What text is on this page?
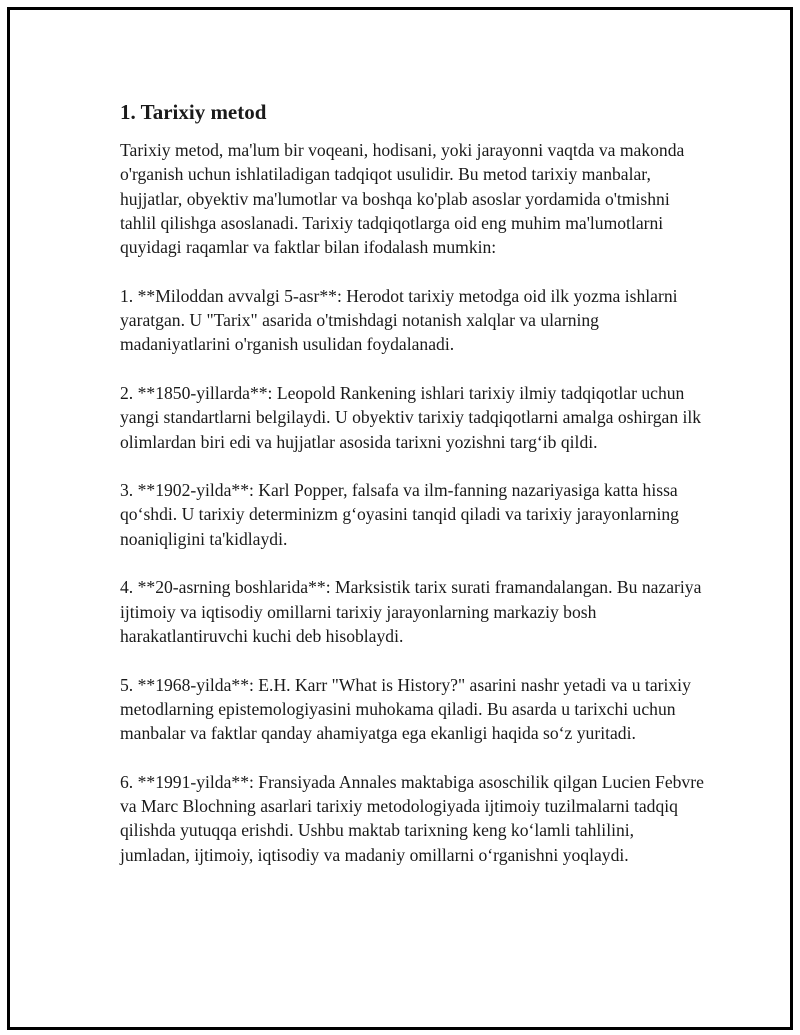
1. Tarixiy metod

Tarixiy metod, ma'lum bir voqeani, hodisani, yoki jarayonni vaqtda va makonda o'rganish uchun ishlatiladigan tadqiqot usulidir. Bu metod tarixiy manbalar, hujjatlar, obyektiv ma'lumotlar va boshqa ko'plab asoslar yordamida o'tmishni tahlil qilishga asoslanadi. Tarixiy tadqiqotlarga oid eng muhim ma'lumotlarni quyidagi raqamlar va faktlar bilan ifodalash mumkin:

1. **Miloddan avvalgi 5-asr**: Herodot tarixiy metodga oid ilk yozma ishlarni yaratgan. U "Tarix" asarida o'tmishdagi notanish xalqlar va ularning madaniyatlarini o'rganish usulidan foydalanadi.

2. **1850-yillarda**: Leopold Rankening ishlari tarixiy ilmiy tadqiqotlar uchun yangi standartlarni belgilaydi. U obyektiv tarixiy tadqiqotlarni amalga oshirgan ilk olimlardan biri edi va hujjatlar asosida tarixni yozishni targ‘ib qildi.

3. **1902-yilda**: Karl Popper, falsafa va ilm-fanning nazariyasiga katta hissa qo‘shdi. U tarixiy determinizm g‘oyasini tanqid qiladi va tarixiy jarayonlarning noaniqligini ta'kidlaydi.

4. **20-asrning boshlarida**: Marksistik tarix surati framandalangan. Bu nazariya ijtimoiy va iqtisodiy omillarni tarixiy jarayonlarning markaziy bosh harakatlantiruvchi kuchi deb hisoblaydi.

5. **1968-yilda**: E.H. Karr "What is History?" asarini nashr yetadi va u tarixiy metodlarning epistemologiyasini muhokama qiladi. Bu asarda u tarixchi uchun manbalar va faktlar qanday ahamiyatga ega ekanligi haqida so‘z yuritadi.

6. **1991-yilda**: Fransiyada Annales maktabiga asoschilik qilgan Lucien Febvre va Marc Blochning asarlari tarixiy metodologiyada ijtimoiy tuzilmalarni tadqiq qilishda yutuqqa erishdi. Ushbu maktab tarixning keng ko‘lamli tahlilini, jumladan, ijtimoiy, iqtisodiy va madaniy omillarni o‘rganishni yoqlaydi.
